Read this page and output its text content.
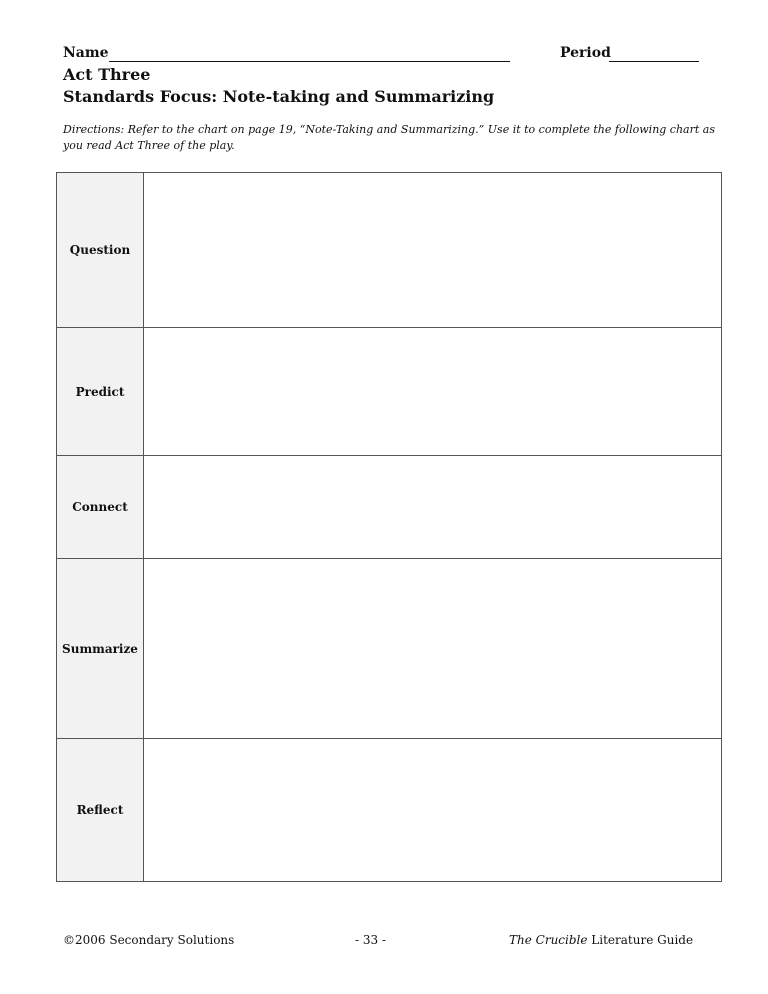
Name	Period
Act Three
Standards Focus: Note-taking and Summarizing
Directions: Refer to the chart on page 19, “Note-Taking and Summarizing.” Use it to complete the following chart as you read Act Three of the play.
Question	
Predict	
Connect	
Summarize	
Reflect	
©2006 Secondary Solutions	- 33 -	The Crucible Literature Guide
